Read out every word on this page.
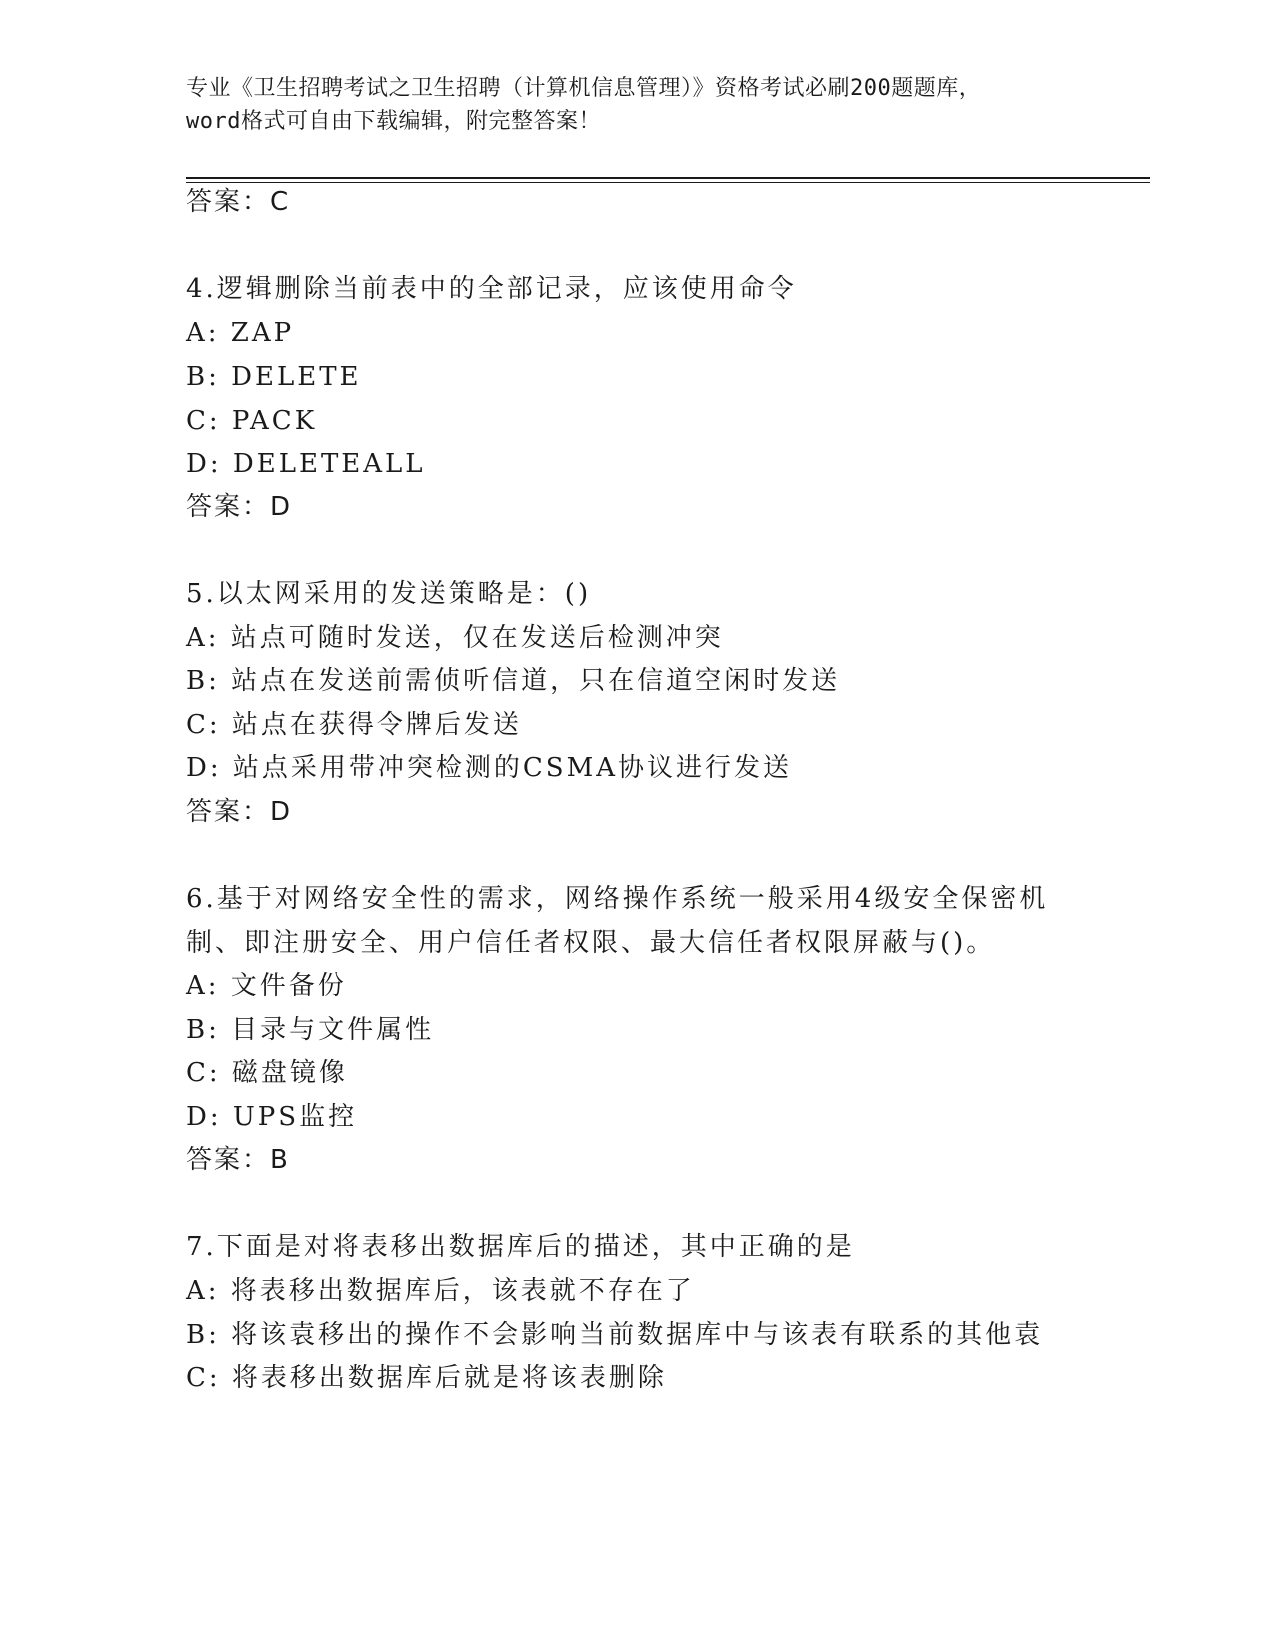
专业《卫生招聘考试之卫生招聘（计算机信息管理）》资格考试必刷200题题库，
word格式可自由下载编辑，附完整答案！
答案：C
4.逻辑删除当前表中的全部记录，应该使用命令
A: ZAP
B: DELETE
C: PACK
D: DELETEALL
答案：D
5.以太网采用的发送策略是：()
A: 站点可随时发送，仅在发送后检测冲突
B: 站点在发送前需侦听信道，只在信道空闲时发送
C: 站点在获得令牌后发送
D: 站点采用带冲突检测的CSMA协议进行发送
答案：D
6.基于对网络安全性的需求，网络操作系统一般采用4级安全保密机
制、即注册安全、用户信任者权限、最大信任者权限屏蔽与()。
A: 文件备份
B: 目录与文件属性
C: 磁盘镜像
D: UPS监控
答案：B
7.下面是对将表移出数据库后的描述，其中正确的是
A: 将表移出数据库后，该表就不存在了
B: 将该袁移出的操作不会影响当前数据库中与该表有联系的其他袁
C: 将表移出数据库后就是将该表删除
